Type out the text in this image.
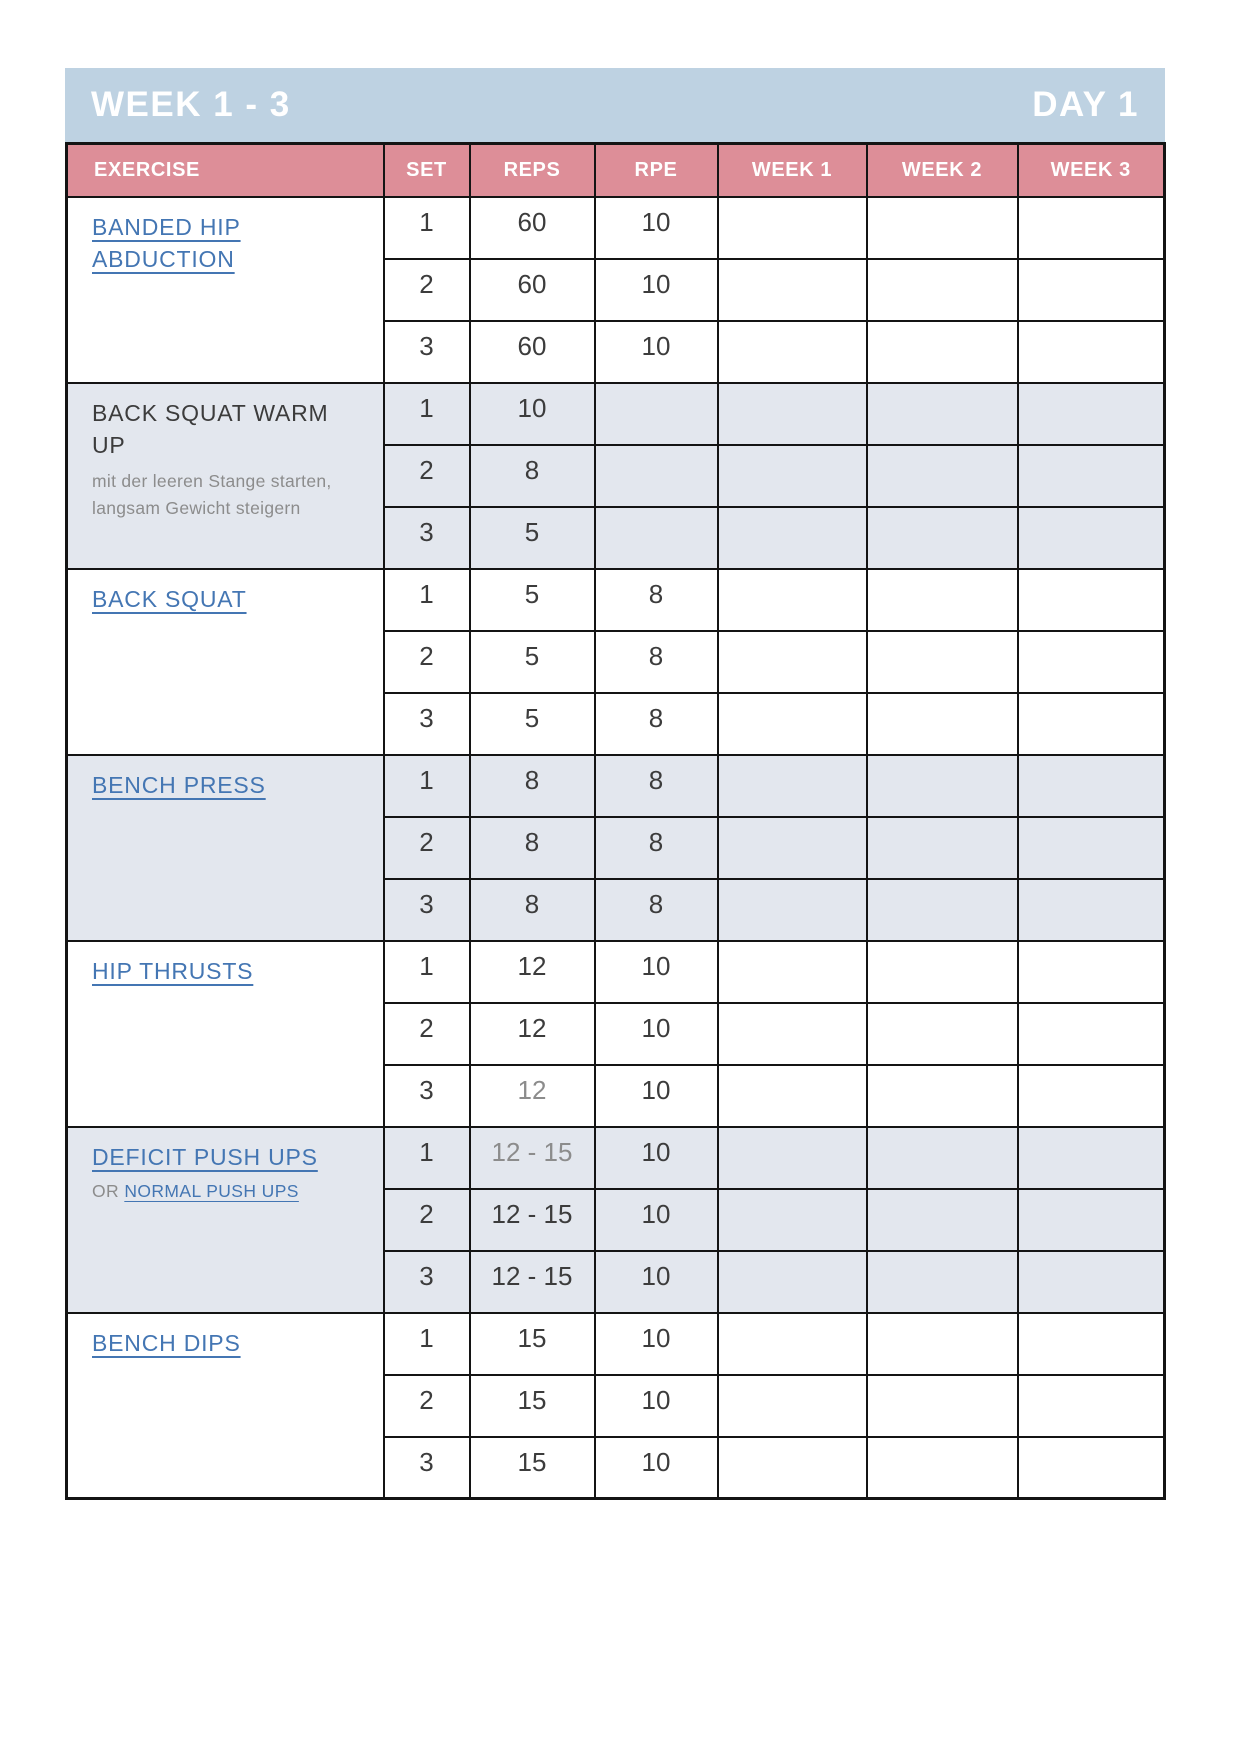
WEEK 1 - 3	DAY 1
EXERCISE	SET	REPS	RPE	WEEK 1	WEEK 2	WEEK 3
BANDED HIP ABDUCTION	1	60	10			
	2	60	10			
	3	60	10			
BACK SQUAT WARM UP
mit der leeren Stange starten, langsam Gewicht steigern	1	10				
	2	8				
	3	5				
BACK SQUAT	1	5	8			
	2	5	8			
	3	5	8			
BENCH PRESS	1	8	8			
	2	8	8			
	3	8	8			
HIP THRUSTS	1	12	10			
	2	12	10			
	3	12	10			
DEFICIT PUSH UPS
OR NORMAL PUSH UPS	1	12 - 15	10			
	2	12 - 15	10			
	3	12 - 15	10			
BENCH DIPS	1	15	10			
	2	15	10			
	3	15	10			
